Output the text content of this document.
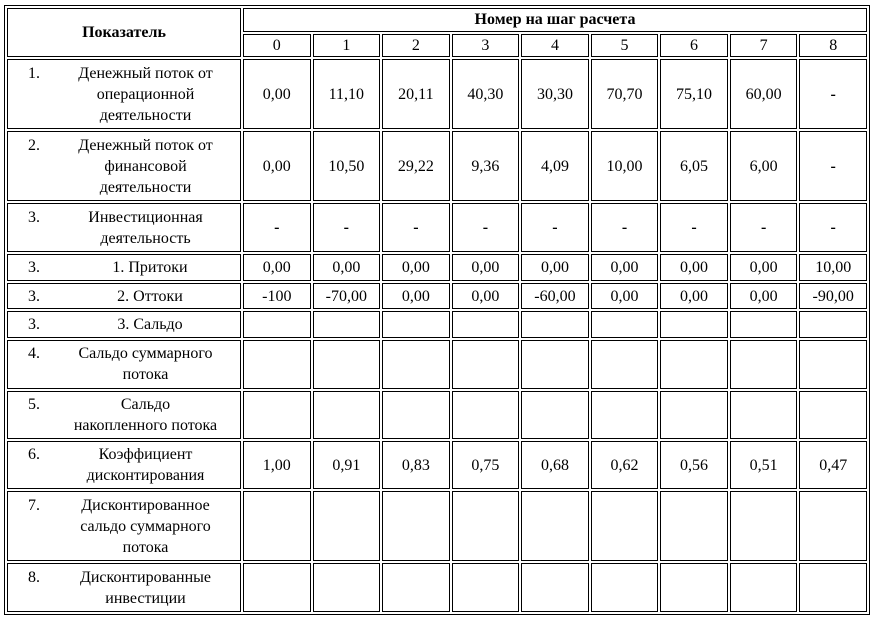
Показатель	Номер на шаг расчета								
	0	1	2	3	4	5	6	7	8

1. Денежный поток от
операционной
деятельности	0,00	11,10	20,11	40,30	30,30	70,70	75,10	60,00	-

2. Денежный поток от
финансовой
деятельности	0,00	10,50	29,22	9,36	4,09	10,00	6,05	6,00	-

3. Инвестиционная
деятельность	-	-	-	-	-	-	-	-	-

3. 1. Притоки	0,00	0,00	0,00	0,00	0,00	0,00	0,00	0,00	10,00

3. 2. Оттоки	-100	-70,00	0,00	0,00	-60,00	0,00	0,00	0,00	-90,00

3. 3. Сальдо									

4. Сальдо суммарного
потока									

5. Сальдо
накопленного потока									

6. Коэффициент
дисконтирования	1,00	0,91	0,83	0,75	0,68	0,62	0,56	0,51	0,47

7. Дисконтированное
сальдо суммарного
потока									

8. Дисконтированные
инвестиции									
